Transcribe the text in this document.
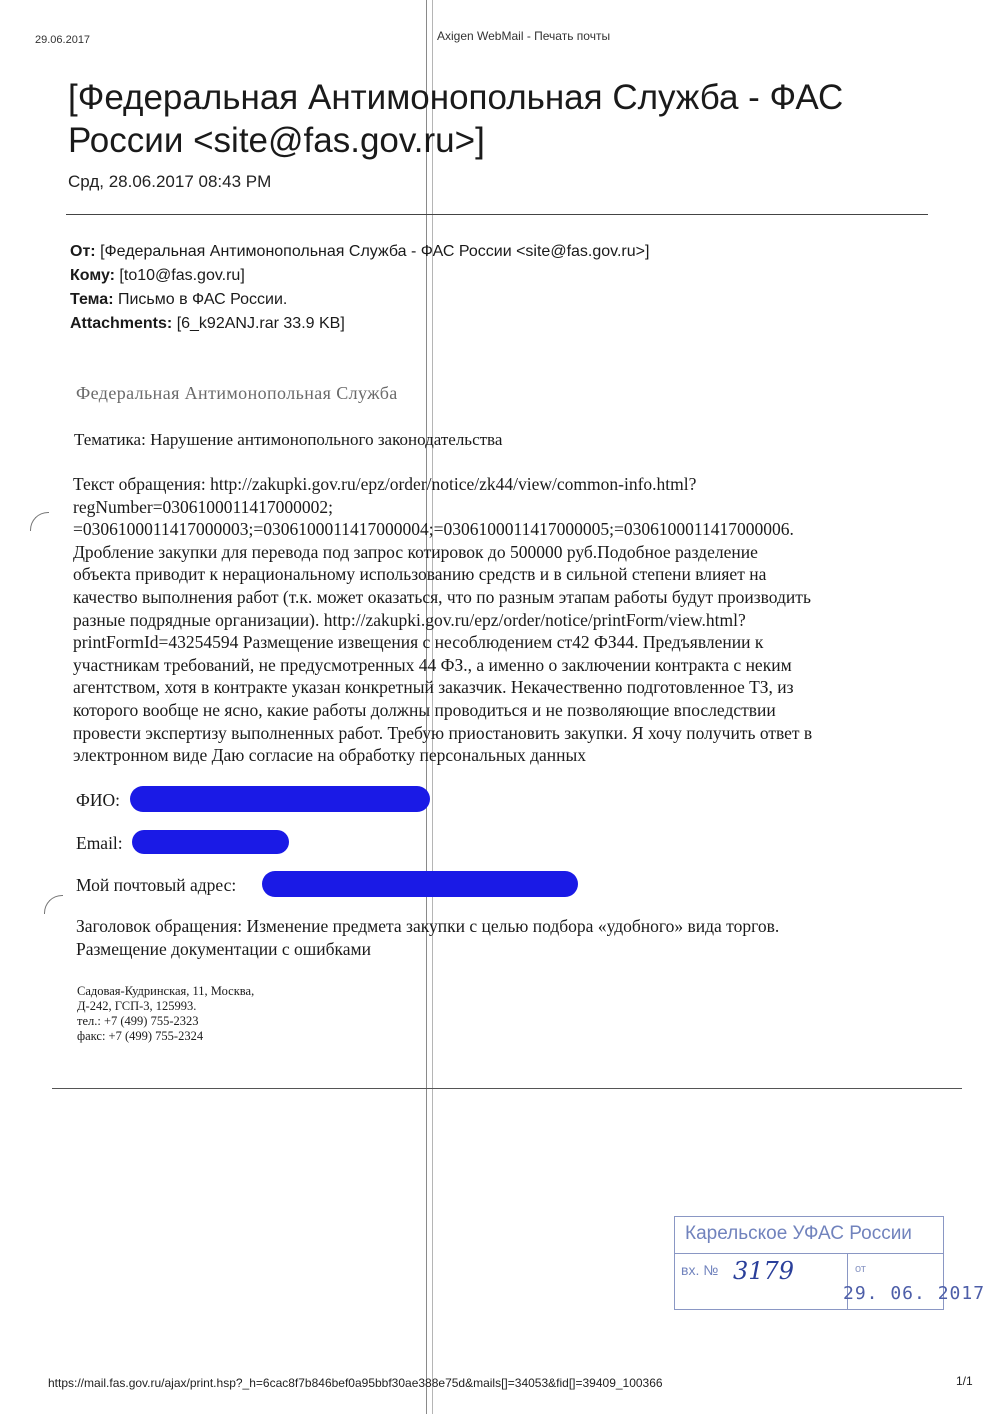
29.06.2017	Axigen WebMail - Печать почты
[Федеральная Антимонопольная Служба - ФАС России <site@fas.gov.ru>]
Срд, 28.06.2017 08:43 PM
От: [Федеральная Антимонопольная Служба - ФАС России <site@fas.gov.ru>]
Кому: [to10@fas.gov.ru]
Тема: Письмо в ФАС России.
Attachments: [6_k92ANJ.rar 33.9 KB]
Федеральная Антимонопольная Служба
Тематика: Нарушение антимонопольного законодательства
Текст обращения: http://zakupki.gov.ru/epz/order/notice/zk44/view/common-info.html?
regNumber=0306100011417000002;
=0306100011417000003;=0306100011417000004;=0306100011417000005;=0306100011417000006.
Дробление закупки для перевода под запрос котировок до 500000 руб.Подобное разделение
объекта приводит к нерациональному использованию средств и в сильной степени влияет на
качество выполнения работ (т.к. может оказаться, что по разным этапам работы будут производить
разные подрядные организации). http://zakupki.gov.ru/epz/order/notice/printForm/view.html?
printFormId=43254594 Размещение извещения с несоблюдением ст42 ФЗ44. Предъявлении к
участникам требований, не предусмотренных 44 ФЗ., а именно о заключении контракта с неким
агентством, хотя в контракте указан конкретный заказчик. Некачественно подготовленное ТЗ, из
которого вообще не ясно, какие работы должны проводиться и не позволяющие впоследствии
провести экспертизу выполненных работ. Требую приостановить закупки. Я хочу получить ответ в
электронном виде Даю согласие на обработку персональных данных
ФИО:
Email:
Мой почтовый адрес:
Заголовок обращения: Изменение предмета закупки с целью подбора «удобного» вида торгов.
Размещение документации с ошибками
Садовая-Кудринская, 11, Москва,
Д-242, ГСП-3, 125993.
тел.: +7 (499) 755-2323
факс: +7 (499) 755-2324
Карельское УФАС России
вх. № 3179	от
29. 06. 2017
https://mail.fas.gov.ru/ajax/print.hsp?_h=6cac8f7b846bef0a95bbf30ae388e75d&mails[]=34053&fid[]=39409_100366	1/1
